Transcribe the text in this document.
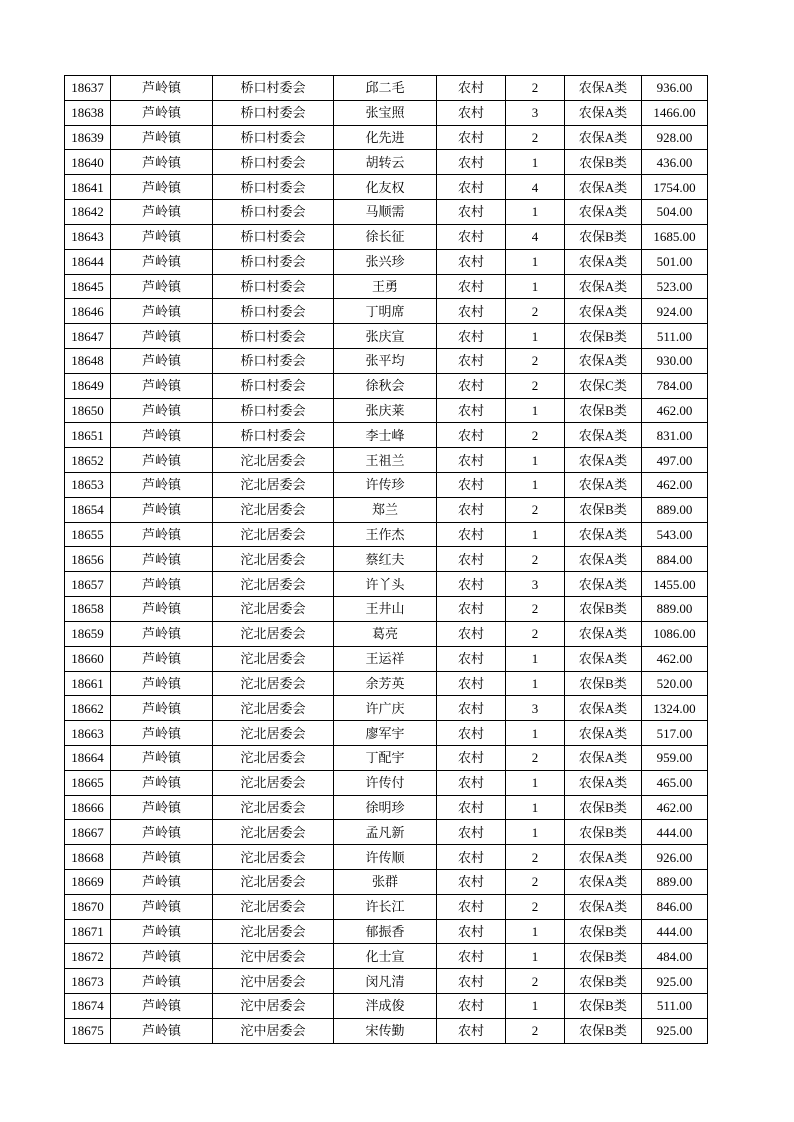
18637	芦岭镇	桥口村委会	邱二毛	农村	2	农保A类	936.00
18638	芦岭镇	桥口村委会	张宝照	农村	3	农保A类	1466.00
18639	芦岭镇	桥口村委会	化先进	农村	2	农保A类	928.00
18640	芦岭镇	桥口村委会	胡转云	农村	1	农保B类	436.00
18641	芦岭镇	桥口村委会	化友权	农村	4	农保A类	1754.00
18642	芦岭镇	桥口村委会	马顺需	农村	1	农保A类	504.00
18643	芦岭镇	桥口村委会	徐长征	农村	4	农保B类	1685.00
18644	芦岭镇	桥口村委会	张兴珍	农村	1	农保A类	501.00
18645	芦岭镇	桥口村委会	王勇	农村	1	农保A类	523.00
18646	芦岭镇	桥口村委会	丁明席	农村	2	农保A类	924.00
18647	芦岭镇	桥口村委会	张庆宣	农村	1	农保B类	511.00
18648	芦岭镇	桥口村委会	张平均	农村	2	农保A类	930.00
18649	芦岭镇	桥口村委会	徐秋会	农村	2	农保C类	784.00
18650	芦岭镇	桥口村委会	张庆莱	农村	1	农保B类	462.00
18651	芦岭镇	桥口村委会	李士峰	农村	2	农保A类	831.00
18652	芦岭镇	沱北居委会	王祖兰	农村	1	农保A类	497.00
18653	芦岭镇	沱北居委会	许传珍	农村	1	农保A类	462.00
18654	芦岭镇	沱北居委会	郑兰	农村	2	农保B类	889.00
18655	芦岭镇	沱北居委会	王作杰	农村	1	农保A类	543.00
18656	芦岭镇	沱北居委会	蔡红夫	农村	2	农保A类	884.00
18657	芦岭镇	沱北居委会	许丫头	农村	3	农保A类	1455.00
18658	芦岭镇	沱北居委会	王井山	农村	2	农保B类	889.00
18659	芦岭镇	沱北居委会	葛亮	农村	2	农保A类	1086.00
18660	芦岭镇	沱北居委会	王运祥	农村	1	农保A类	462.00
18661	芦岭镇	沱北居委会	余芳英	农村	1	农保B类	520.00
18662	芦岭镇	沱北居委会	许广庆	农村	3	农保A类	1324.00
18663	芦岭镇	沱北居委会	廖军宇	农村	1	农保A类	517.00
18664	芦岭镇	沱北居委会	丁配宇	农村	2	农保A类	959.00
18665	芦岭镇	沱北居委会	许传付	农村	1	农保A类	465.00
18666	芦岭镇	沱北居委会	徐明珍	农村	1	农保B类	462.00
18667	芦岭镇	沱北居委会	孟凡新	农村	1	农保B类	444.00
18668	芦岭镇	沱北居委会	许传顺	农村	2	农保A类	926.00
18669	芦岭镇	沱北居委会	张群	农村	2	农保A类	889.00
18670	芦岭镇	沱北居委会	许长江	农村	2	农保A类	846.00
18671	芦岭镇	沱北居委会	郁振香	农村	1	农保B类	444.00
18672	芦岭镇	沱中居委会	化士宣	农村	1	农保B类	484.00
18673	芦岭镇	沱中居委会	闵凡清	农村	2	农保B类	925.00
18674	芦岭镇	沱中居委会	泮成俊	农村	1	农保B类	511.00
18675	芦岭镇	沱中居委会	宋传勤	农村	2	农保B类	925.00
